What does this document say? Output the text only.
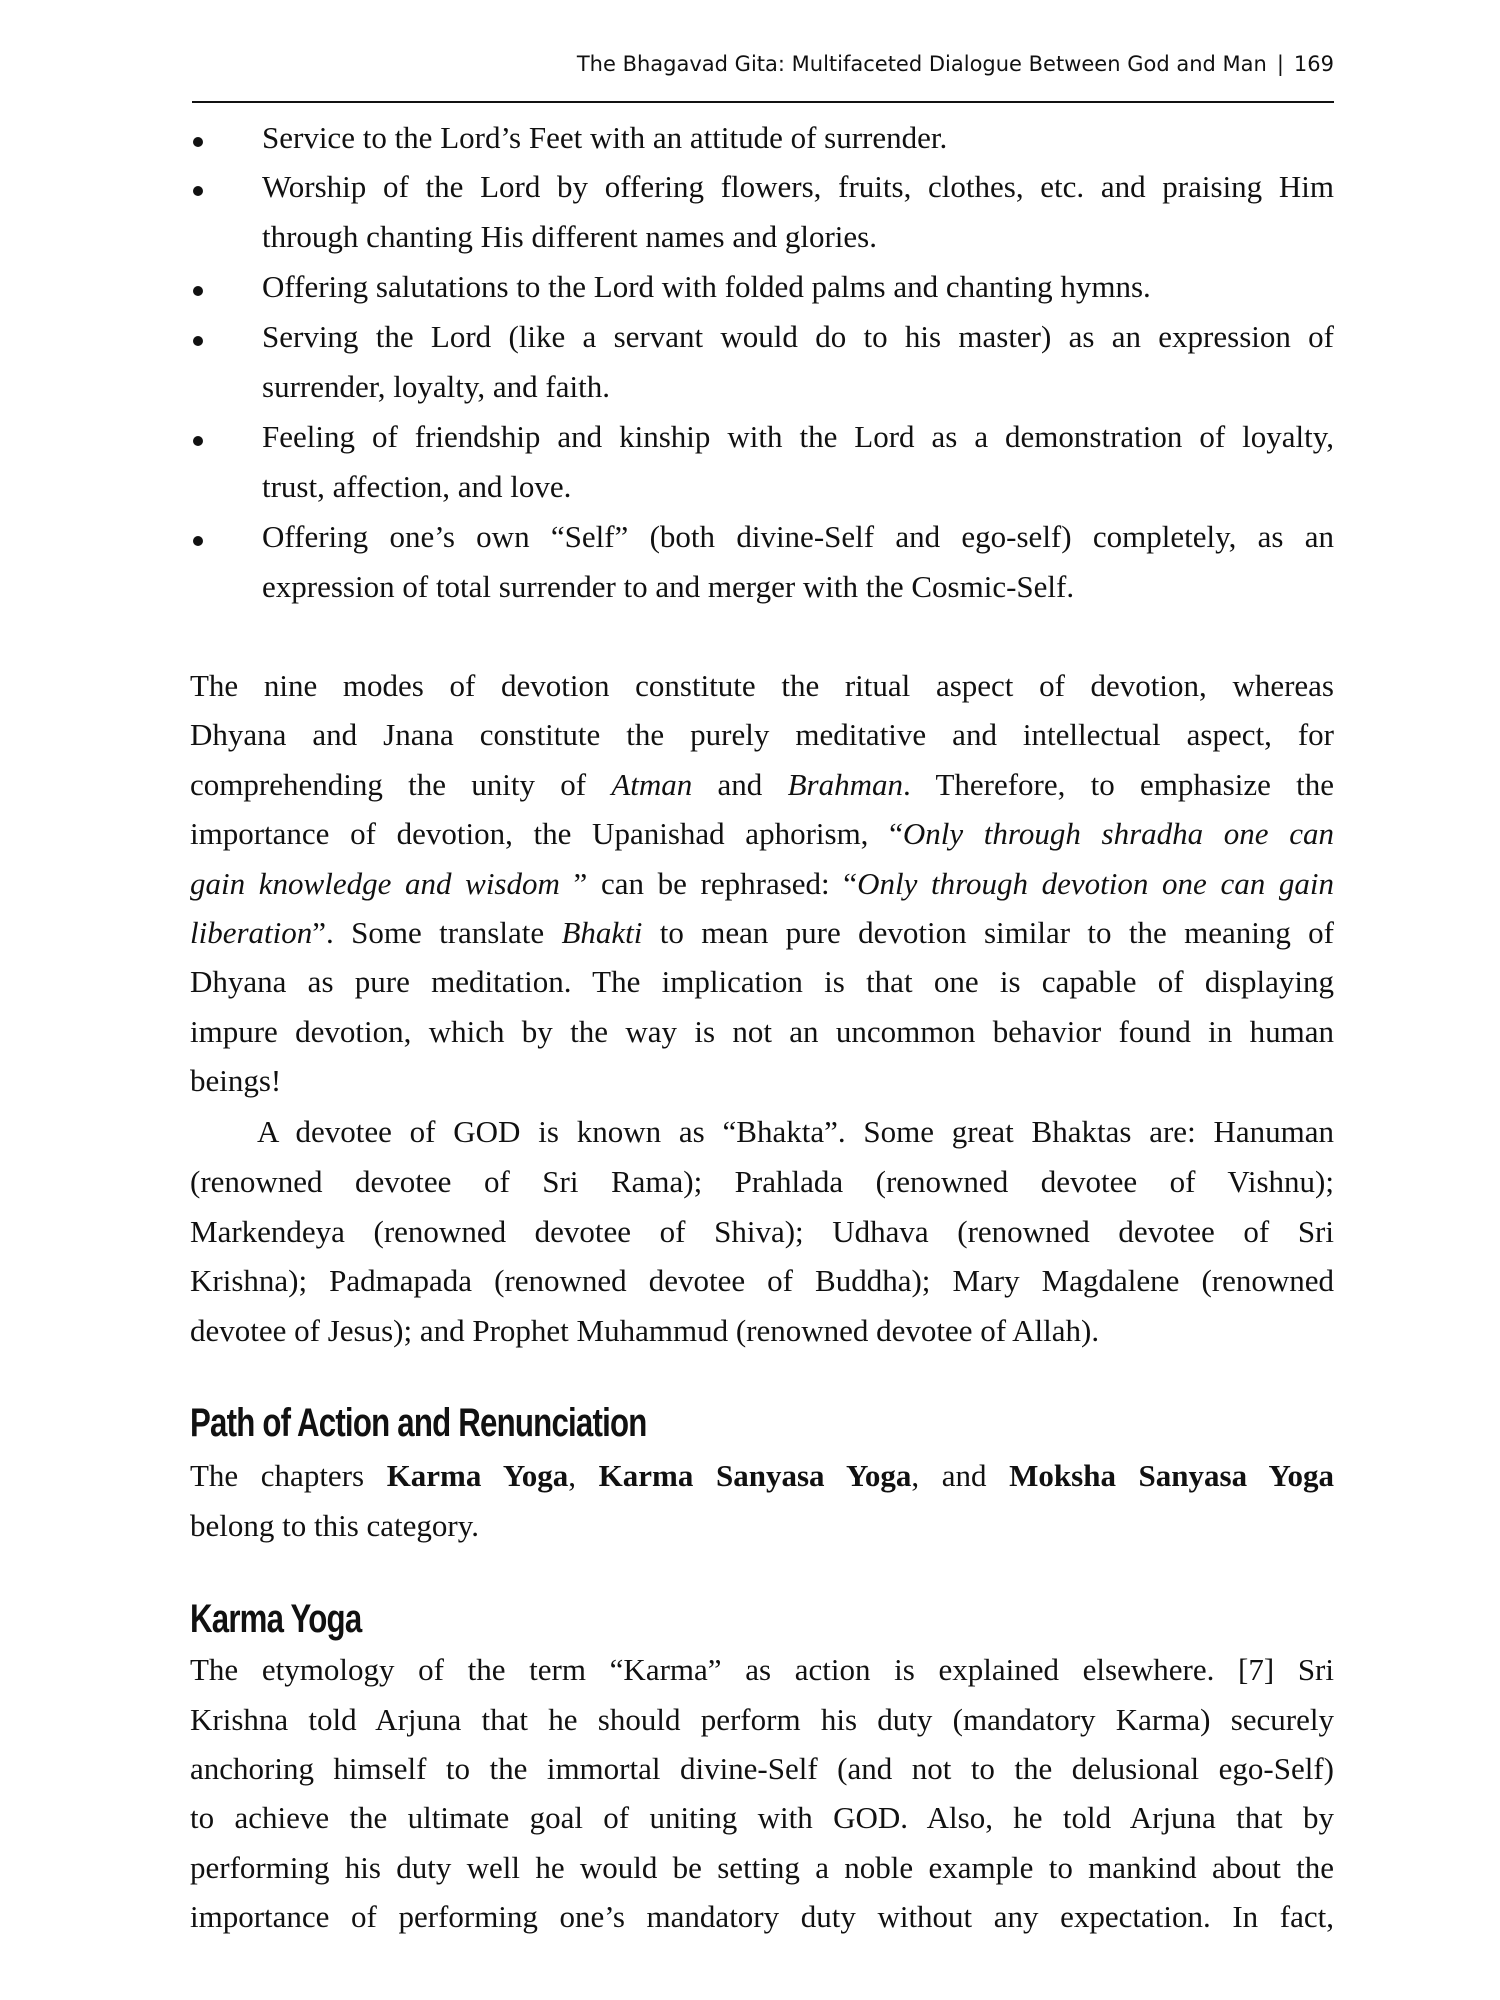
The Bhagavad Gita: Multifaceted Dialogue Between God and Man | 169
Service to the Lord’s Feet with an attitude of surrender.
Worship of the Lord by offering flowers, fruits, clothes, etc. and praising Him
through chanting His different names and glories.
Offering salutations to the Lord with folded palms and chanting hymns.
Serving the Lord (like a servant would do to his master) as an expression of
surrender, loyalty, and faith.
Feeling of friendship and kinship with the Lord as a demonstration of loyalty,
trust, affection, and love.
Offering one’s own “Self” (both divine-Self and ego-self) completely, as an
expression of total surrender to and merger with the Cosmic-Self.
The nine modes of devotion constitute the ritual aspect of devotion, whereas
Dhyana and Jnana constitute the purely meditative and intellectual aspect, for
comprehending the unity of Atman and Brahman. Therefore, to emphasize the
importance of devotion, the Upanishad aphorism, “Only through shradha one can
gain knowledge and wisdom ” can be rephrased: “Only through devotion one can gain
liberation”. Some translate Bhakti to mean pure devotion similar to the meaning of
Dhyana as pure meditation. The implication is that one is capable of displaying
impure devotion, which by the way is not an uncommon behavior found in human
beings!
A devotee of GOD is known as “Bhakta”. Some great Bhaktas are: Hanuman
(renowned devotee of Sri Rama); Prahlada (renowned devotee of Vishnu);
Markendeya (renowned devotee of Shiva); Udhava (renowned devotee of Sri
Krishna); Padmapada (renowned devotee of Buddha); Mary Magdalene (renowned
devotee of Jesus); and Prophet Muhammud (renowned devotee of Allah).
Path of Action and Renunciation
The chapters Karma Yoga, Karma Sanyasa Yoga, and Moksha Sanyasa Yoga
belong to this category.
Karma Yoga
The etymology of the term “Karma” as action is explained elsewhere. [7] Sri
Krishna told Arjuna that he should perform his duty (mandatory Karma) securely
anchoring himself to the immortal divine-Self (and not to the delusional ego-Self)
to achieve the ultimate goal of uniting with GOD. Also, he told Arjuna that by
performing his duty well he would be setting a noble example to mankind about the
importance of performing one’s mandatory duty without any expectation. In fact,
